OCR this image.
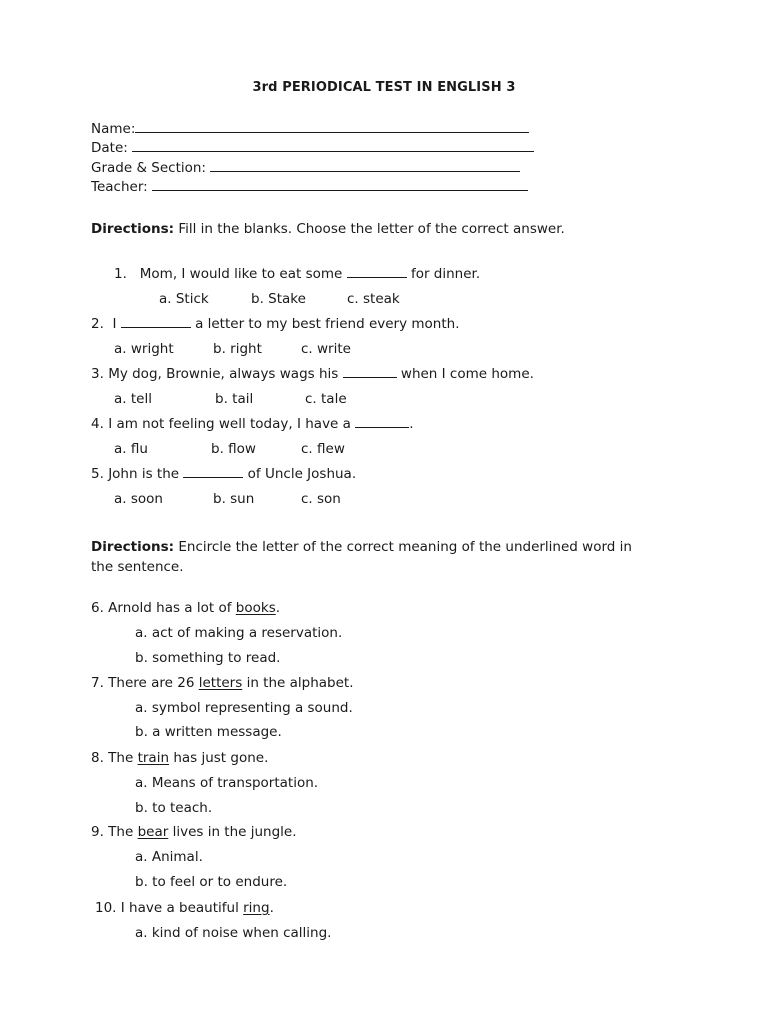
3rd PERIODICAL TEST IN ENGLISH 3
Name:
Date:
Grade & Section:
Teacher:
Directions: Fill in the blanks. Choose the letter of the correct answer.
1. Mom, I would like to eat some	for dinner.
a. Stick	b. Stake	c. steak
2. I	a letter to my best friend every month.
a. wright	b. right	c. write
3. My dog, Brownie, always wags his	when I come home.
a. tell	b. tail	c. tale
4. I am not feeling well today, I have a	.
a. flu	b. flow	c. flew
5. John is the	of Uncle Joshua.
a. soon	b. sun	c. son
Directions: Encircle the letter of the correct meaning of the underlined word in
the sentence.
6. Arnold has a lot of books.
a. act of making a reservation.
b. something to read.
7. There are 26 letters in the alphabet.
a. symbol representing a sound.
b. a written message.
8. The train has just gone.
a. Means of transportation.
b. to teach.
9. The bear lives in the jungle.
a. Animal.
b. to feel or to endure.
10. I have a beautiful ring.
a. kind of noise when calling.
